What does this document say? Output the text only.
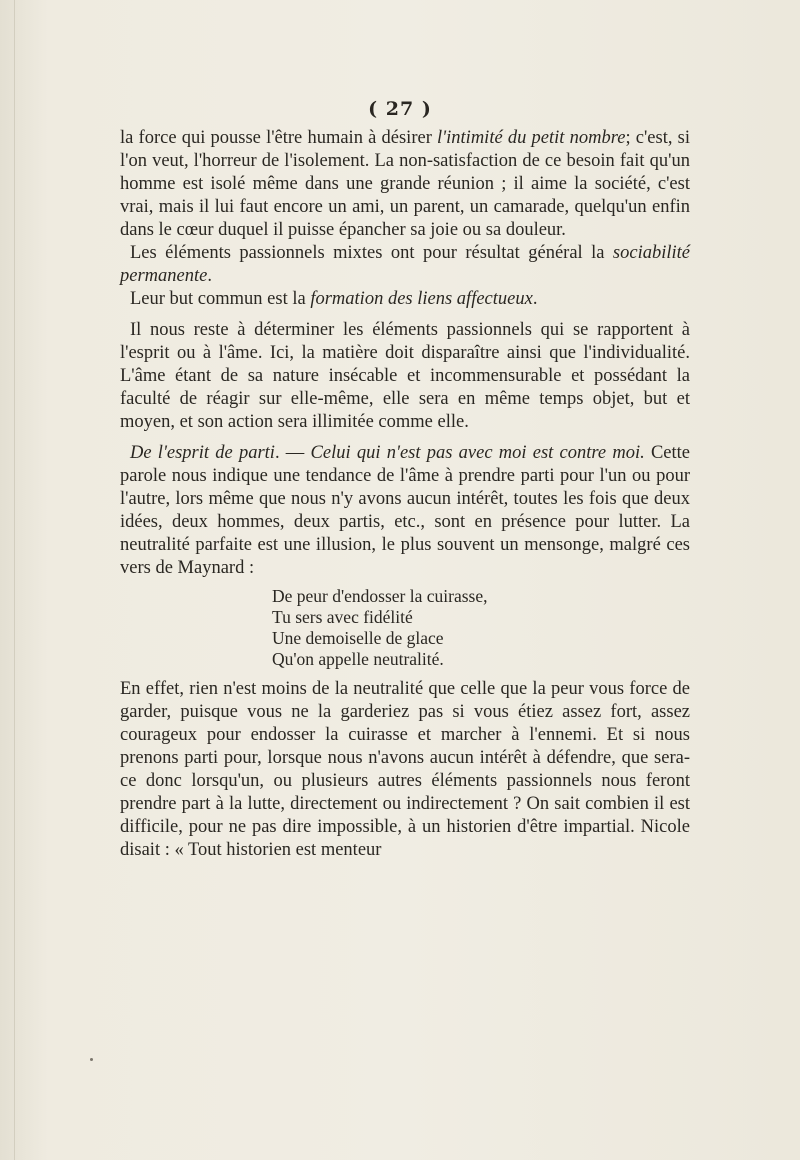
( 27 )

la force qui pousse l'être humain à désirer l'intimité du petit nombre; c'est, si l'on veut, l'horreur de l'isolement. La non-satisfaction de ce besoin fait qu'un homme est isolé même dans une grande réunion ; il aime la société, c'est vrai, mais il lui faut encore un ami, un parent, un camarade, quelqu'un enfin dans le cœur duquel il puisse épancher sa joie ou sa douleur.

Les éléments passionnels mixtes ont pour résultat général la sociabilité permanente.

Leur but commun est la formation des liens affectueux.

Il nous reste à déterminer les éléments passionnels qui se rapportent à l'esprit ou à l'âme. Ici, la matière doit disparaître ainsi que l'individualité. L'âme étant de sa nature insécable et incommensurable et possédant la faculté de réagir sur elle-même, elle sera en même temps objet, but et moyen, et son action sera illimitée comme elle.

De l'esprit de parti. — Celui qui n'est pas avec moi est contre moi. Cette parole nous indique une tendance de l'âme à prendre parti pour l'un ou pour l'autre, lors même que nous n'y avons aucun intérêt, toutes les fois que deux idées, deux hommes, deux partis, etc., sont en présence pour lutter. La neutralité parfaite est une illusion, le plus souvent un mensonge, malgré ces vers de Maynard :

De peur d'endosser la cuirasse,

Tu sers avec fidélité

Une demoiselle de glace

Qu'on appelle neutralité.

En effet, rien n'est moins de la neutralité que celle que la peur vous force de garder, puisque vous ne la garderiez pas si vous étiez assez fort, assez courageux pour endosser la cuirasse et marcher à l'ennemi. Et si nous prenons parti pour, lorsque nous n'avons aucun intérêt à défendre, que sera-ce donc lorsqu'un, ou plusieurs autres éléments passionnels nous feront prendre part à la lutte, directement ou indirectement ? On sait combien il est difficile, pour ne pas dire impossible, à un historien d'être impartial. Nicole disait : « Tout historien est menteur
